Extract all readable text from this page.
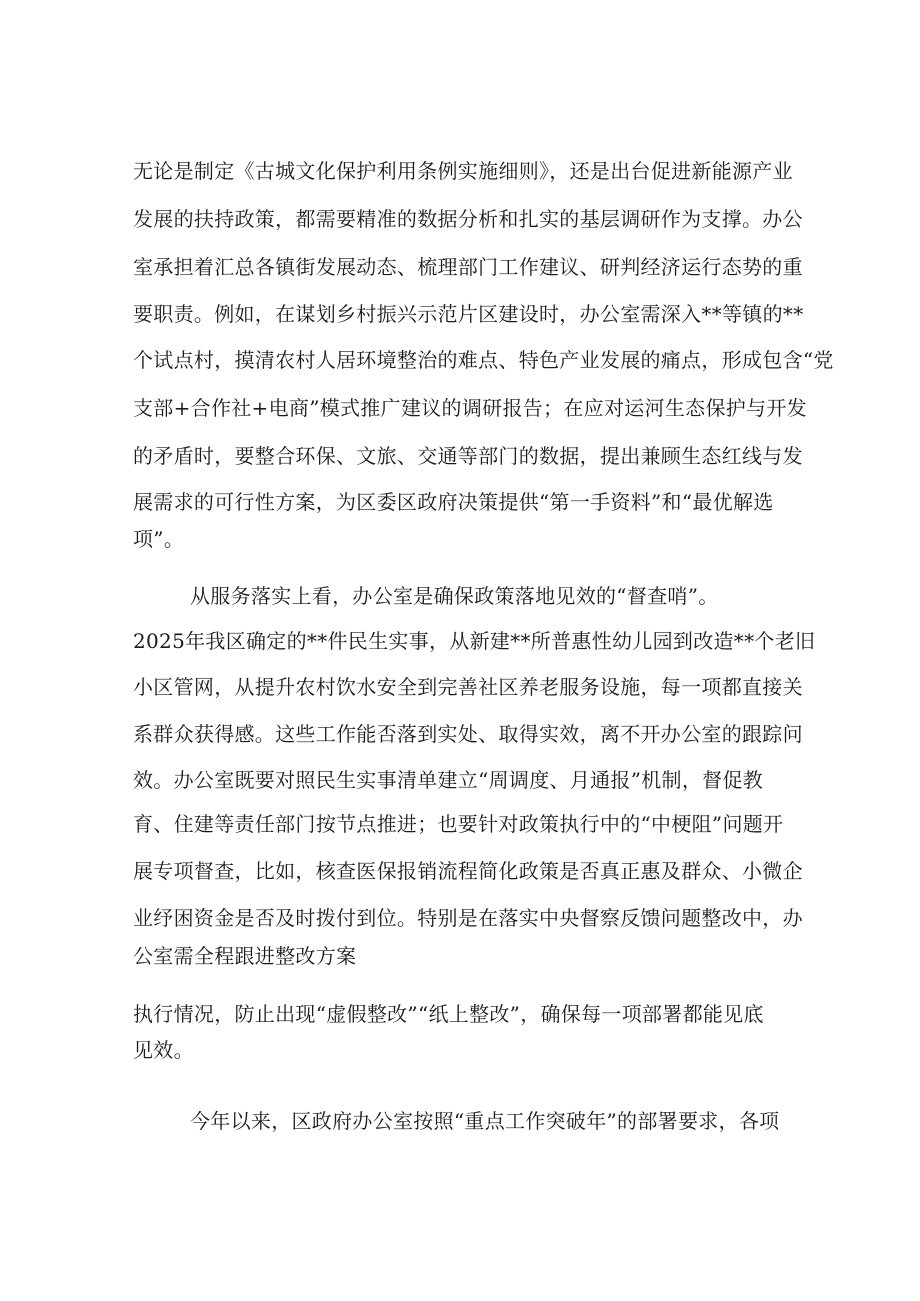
无论是制定《古城文化保护利用条例实施细则》，还是出台促进新能源产业
发展的扶持政策，都需要精准的数据分析和扎实的基层调研作为支撑。办公
室承担着汇总各镇街发展动态、梳理部门工作建议、研判经济运行态势的重
要职责。例如，在谋划乡村振兴示范片区建设时，办公室需深入**等镇的**
个试点村，摸清农村人居环境整治的难点、特色产业发展的痛点，形成包含“党
支部+合作社+电商”模式推广建议的调研报告；在应对运河生态保护与开发
的矛盾时，要整合环保、文旅、交通等部门的数据，提出兼顾生态红线与发
展需求的可行性方案，为区委区政府决策提供“第一手资料”和“最优解选
项”。
从服务落实上看，办公室是确保政策落地见效的“督查哨”。
2025年我区确定的**件民生实事，从新建**所普惠性幼儿园到改造**个老旧
小区管网，从提升农村饮水安全到完善社区养老服务设施，每一项都直接关
系群众获得感。这些工作能否落到实处、取得实效，离不开办公室的跟踪问
效。办公室既要对照民生实事清单建立“周调度、月通报”机制，督促教
育、住建等责任部门按节点推进；也要针对政策执行中的“中梗阻”问题开
展专项督查，比如，核查医保报销流程简化政策是否真正惠及群众、小微企
业纾困资金是否及时拨付到位。特别是在落实中央督察反馈问题整改中，办
公室需全程跟进整改方案
执行情况，防止出现“虚假整改”“纸上整改”，确保每一项部署都能见底
见效。
今年以来，区政府办公室按照“重点工作突破年”的部署要求，各项
